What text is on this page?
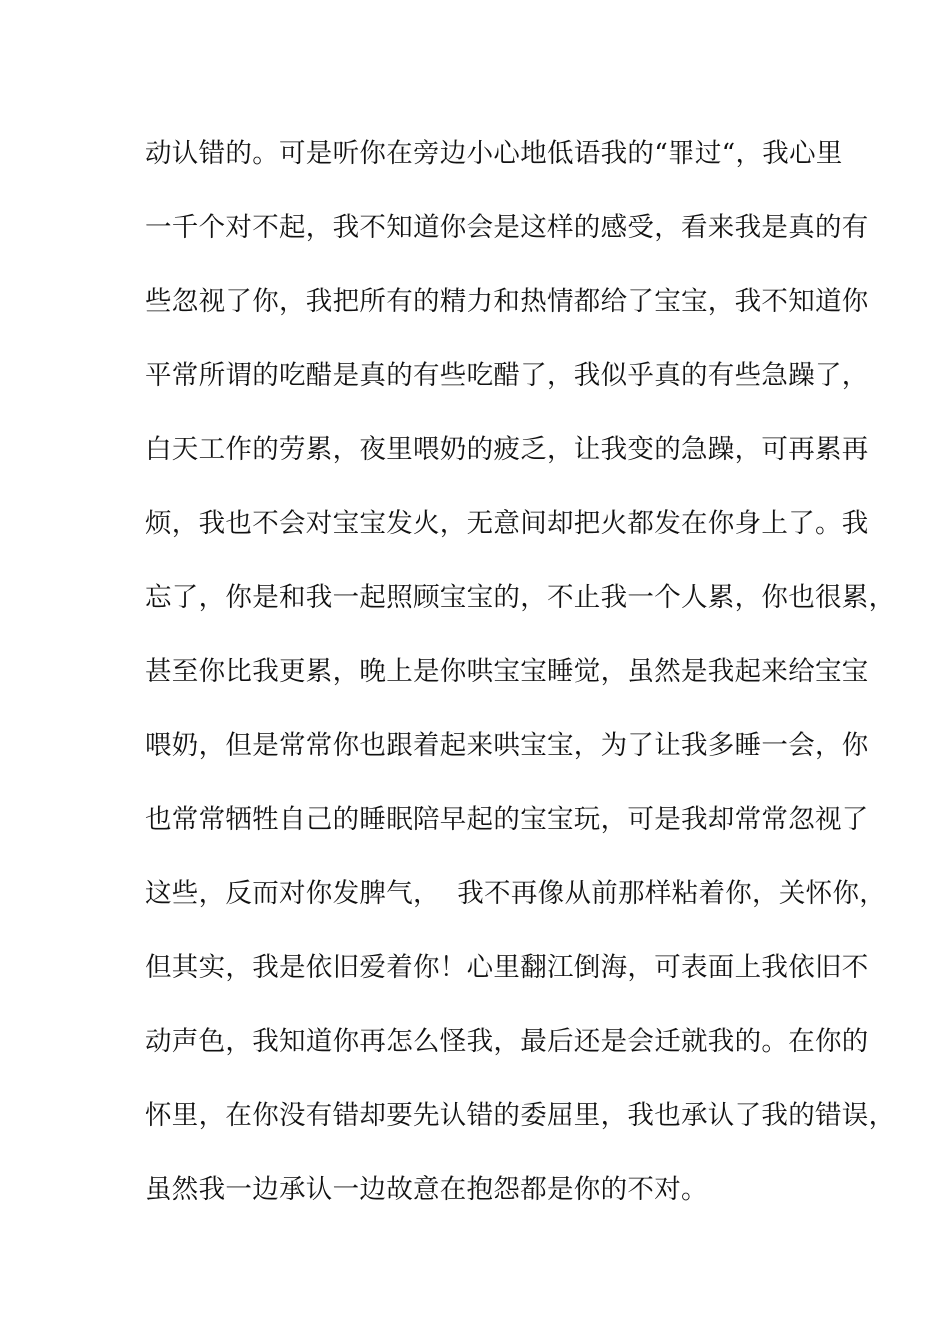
动认错的。可是听你在旁边小心地低语我的“罪过“，我心里
一千个对不起，我不知道你会是这样的感受，看来我是真的有
些忽视了你，我把所有的精力和热情都给了宝宝，我不知道你
平常所谓的吃醋是真的有些吃醋了，我似乎真的有些急躁了，
白天工作的劳累，夜里喂奶的疲乏，让我变的急躁，可再累再
烦，我也不会对宝宝发火，无意间却把火都发在你身上了。我
忘了，你是和我一起照顾宝宝的，不止我一个人累，你也很累，
甚至你比我更累，晚上是你哄宝宝睡觉，虽然是我起来给宝宝
喂奶，但是常常你也跟着起来哄宝宝，为了让我多睡一会，你
也常常牺牲自己的睡眠陪早起的宝宝玩，可是我却常常忽视了
这些，反而对你发脾气，  我不再像从前那样粘着你，关怀你，
但其实，我是依旧爱着你！心里翻江倒海，可表面上我依旧不
动声色，我知道你再怎么怪我，最后还是会迁就我的。在你的
怀里，在你没有错却要先认错的委屈里，我也承认了我的错误，
虽然我一边承认一边故意在抱怨都是你的不对。
